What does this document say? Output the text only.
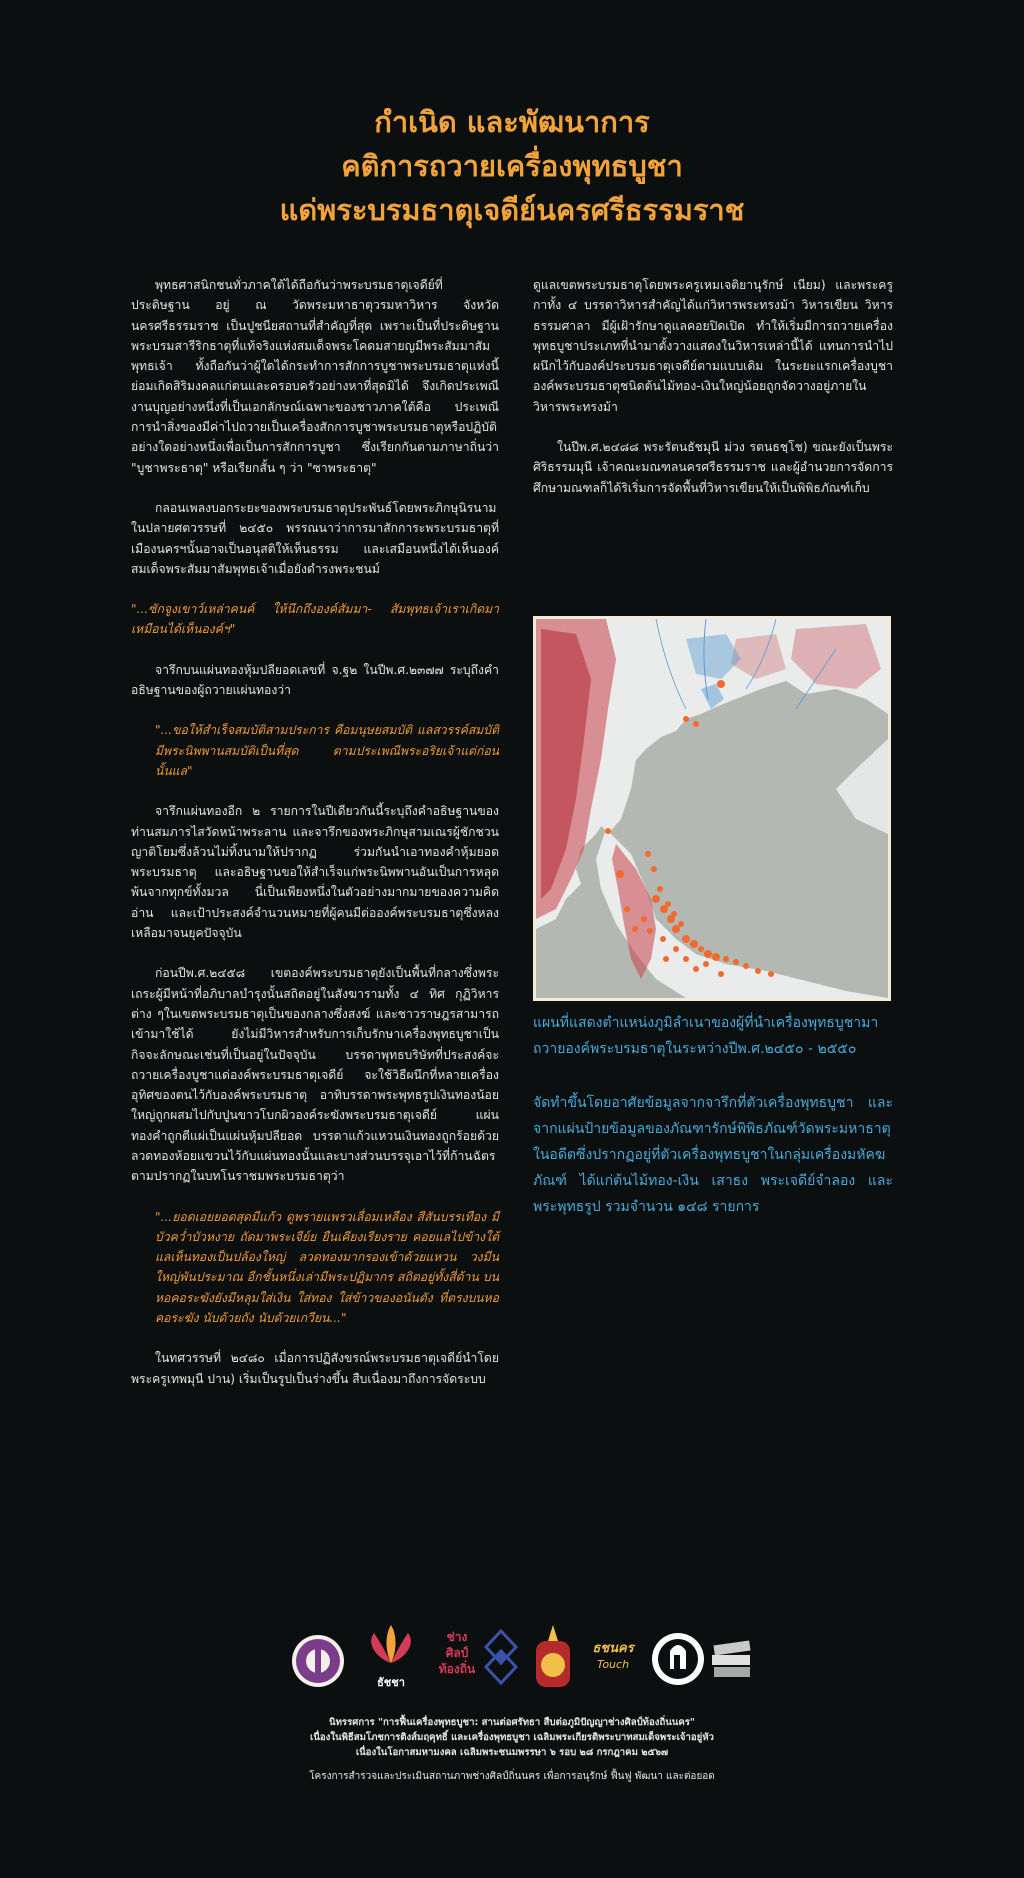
กำเนิด และพัฒนาการ
คติการถวายเครื่องพุทธบูชา
แด่พระบรมธาตุเจดีย์นครศรีธรรมราช

พุทธศาสนิกชนทั่วภาคใต้ได้ถือกันว่าพระบรมธาตุเจดีย์ที่ประดิษฐาน อยู่ ณ วัดพระมหาธาตุวรมหาวิหาร จังหวัดนครศรีธรรมราช เป็นปูชนียสถานที่สำคัญที่สุด เพราะเป็นที่ประดิษฐานพระบรมสารีริกธาตุที่แท้จริงแห่งสมเด็จพระโคดมสายญมีพระสัมมาสัมพุทธเจ้า ทั้งถือกันว่าผู้ใดได้กระทำการสักการบูชาพระบรมธาตุแห่งนี้ ย่อมเกิดสิริมงคลแก่ตนและครอบครัวอย่างหาที่สุดมิได้ จึงเกิดประเพณีงานบุญอย่างหนึ่งที่เป็นเอกลักษณ์เฉพาะของชาวภาคใต้คือ ประเพณีการนำสิ่งของมีค่าไปถวายเป็นเครื่องสักการบูชาพระบรมธาตุหรือปฏิบัติอย่างใดอย่างหนึ่งเพื่อเป็นการสักการบูชา ซึ่งเรียกกันตามภาษาถิ่นว่า "บูชาพระธาตุ" หรือเรียกสั้น ๆ ว่า "ซาพระธาตุ"

กลอนเพลงบอกระยะของพระบรมธาตุประพันธ์โดยพระภิกษุนิรนามในปลายศตวรรษที่ ๒๔๕๐ พรรณนาว่าการมาสักการะพระบรมธาตุที่เมืองนครฯนั้นอาจเป็นอนุสติให้เห็นธรรม และเสมือนหนึ่งได้เห็นองค์สมเด็จพระสัมมาสัมพุทธเจ้าเมื่อยังดำรงพระชนม์

"...ซักจูงเขาว์เหล่าคนค์ ให้นึกถึงองค์สัมมา- สัมพุทธเจ้าเราเกิดมา เหมือนได้เห็นองค์ฯ"

จารึกบนแผ่นทองหุ้มปลียอดเลขที่ จ.ฐ๒ ในปีพ.ศ.๒๓๗๗ ระบุถึงคำอธิษฐานของผู้ถวายแผ่นทองว่า

"...ขอให้สำเร็จสมบัติสามประการ คือมนุษยสมบัติ แลสวรรค์สมบัติ มีพระนิพพานสมบัติเป็นที่สุด ตามประเพณีพระอริยเจ้าแต่ก่อนนั้นแล"

จารึกแผ่นทองอีก ๒ รายการในปีเดียวกันนี้ระบุถึงคำอธิษฐานของท่านสมภารไสวัดหน้าพระลาน และจารึกของพระภิกษุสามเณรผู้ชักชวนญาติโยมซึ่งล้วนไม่ทิ้งนามให้ปรากฏ ร่วมกันนำเอาทองคำหุ้มยอดพระบรมธาตุ และอธิษฐานขอให้สำเร็จแก่พระนิพพานอันเป็นการหลุดพ้นจากทุกข์ทั้งมวล นี่เป็นเพียงหนึ่งในตัวอย่างมากมายของความคิดอ่าน และเป้าประสงค์จำนวนหมายที่ผู้คนมีต่อองค์พระบรมธาตุซึ่งหลงเหลือมาจนยุคปัจจุบัน

ก่อนปีพ.ศ.๒๔๕๘ เขตองค์พระบรมธาตุยังเป็นพื้นที่กลางซึ่งพระเถระผู้มีหน้าที่อภิบาลบำรุงนั้นสถิตอยู่ในสังฆารามทั้ง ๔ ทิศ กุฏิวิหารต่าง ๆในเขตพระบรมธาตุเป็นของกลางซึ่งสงฆ์ และชาวราษฎรสามารถเข้ามาใช้ได้ ยังไม่มีวิหารสำหรับการเก็บรักษาเครื่องพุทธบูชาเป็นกิจจะลักษณะเช่นที่เป็นอยู่ในปัจจุบัน บรรดาพุทธบริษัทที่ประสงค์จะถวายเครื่องบูชาแด่องค์พระบรมธาตุเจดีย์ จะใช้วิธีผนึกที่หลายเครื่องอุทิศของตนไว้กับองค์พระบรมธาตุ อาทิบรรดาพระพุทธรูปเงินทองน้อยใหญ่ถูกผสมไปกับปูนขาวโบกผิวองค์ระฆังพระบรมธาตุเจดีย์ แผ่นทองคำถูกตีแผ่เป็นแผ่นหุ้มปลียอด บรรดาแก้วแหวนเงินทองถูกร้อยด้วยลวดทองห้อยแขวนไว้กับแผ่นทองนั้นและบางส่วนบรรจุเอาไว้ที่ก้านฉัตร ตามปรากฏในบทโนราชมพระบรมธาตุว่า

"...ยอดเอยยอดสุดมีแก้ว ดูพรายแพรวเลื่อมเหลือง สีสันบรรเทือง มีบัวคว่ำบัวหงาย ถัดมาพระเจีย์ย ยืนเคียงเรียงราย คอยแลไปข้างใต้ แลเห็นทองเป็นปล้องใหญ่ ลวดทองมากรองเข้าด้วยแหวน วงมีนใหญ่พันประมาณ อีกชั้นหนึ่งเล่ามีพระปฏิมากร สถิตอยู่ทั้งสี่ด้าน บนหอคอระฆังยังมีหลุมใส่เงิน ใส่ทอง ใส่ข้าวของอนันตัง ที่ตรงบนหอคอระฆัง นับด้วยถัง นับด้วยเกวียน..."

ในทศวรรษที่ ๒๔๘๐ เมื่อการปฏิสังขรณ์พระบรมธาตุเจดีย์นำโดยพระครูเทพมุนี ปาน) เริ่มเป็นรูปเป็นร่างขึ้น สืบเนื่องมาถึงการจัดระบบ

ดูแลเขตพระบรมธาตุโดยพระครูเหมเจติยานุรักษ์ เนียม) และพระครูกาทั้ง ๔ บรรดาวิหารสำคัญได้แก่วิหารพระทรงม้า วิหารเขียน วิหารธรรมศาลา มีผู้เฝ้ารักษาดูแลคอยปิดเปิด ทำให้เริ่มมีการถวายเครื่องพุทธบูชาประเภทที่นำมาตั้งวางแสดงในวิหารเหล่านี้ได้ แทนการนำไปผนึกไว้กับองค์ประบรมธาตุเจดีย์ตามแบบเดิม ในระยะแรกเครื่องบูชาองค์พระบรมธาตุชนิดต้นไม้ทอง-เงินใหญ่น้อยถูกจัดวางอยู่ภายในวิหารพระทรงม้า

ในปีพ.ศ.๒๔๘๘ พระรัตนธัชมุนี ม่วง รตนธชฺโช) ขณะยังเป็นพระศิริธรรมมุนี เจ้าคณะมณฑลนครศรีธรรมราช และผู้อำนวยการจัดการศึกษามณฑลก็ได้ริเริ่มการจัดพื้นที่วิหารเขียนให้เป็นพิพิธภัณฑ์เก็บ

แผนที่แสดงตำแหน่งภูมิลำเนาของผู้ที่นำเครื่องพุทธบูชามาถวายองค์พระบรมธาตุในระหว่างปีพ.ศ.๒๔๕๐ - ๒๕๕๐
จัดทำขึ้นโดยอาศัยข้อมูลจากจารึกที่ตัวเครื่องพุทธบูชา และจากแผ่นป้ายข้อมูลของภัณฑารักษ์พิพิธภัณฑ์วัดพระมหาธาตุในอดีตซึ่งปรากฏอยู่ที่ตัวเครื่องพุทธบูชาในกลุ่มเครื่องมหัคฆภัณฑ์ ได้แก่ต้นไม้ทอง-เงิน เสาธง พระเจดีย์จำลอง และพระพุทธรูป รวมจำนวน ๑๔๘ รายการ
ธัชชา
ช่าง
ศิลป์
ท้องถิ่น
ธชนคร
Touch
นิทรรศการ "การฟื้นเครื่องพุทธบูชา: สานต่อศรัทธา สืบต่อภูมิปัญญาช่างศิลป์ท้องถิ่นนคร"
เนื่องในพิธีสมโภชการติงส์มฤคุทธิ์ และเครื่องพุทธบูชา เฉลิมพระเกียรติพระบาทสมเด็จพระเจ้าอยู่หัว
เนื่องในโอกาสมหามงคล เฉลิมพระชนมพรรษา ๖ รอบ ๒๘ กรกฎาคม ๒๕๖๗
โครงการสำรวจและประเมินสถานภาพช่างศิลป์ถิ่นนคร เพื่อการอนุรักษ์ ฟื้นฟู พัฒนา และต่อยอด
